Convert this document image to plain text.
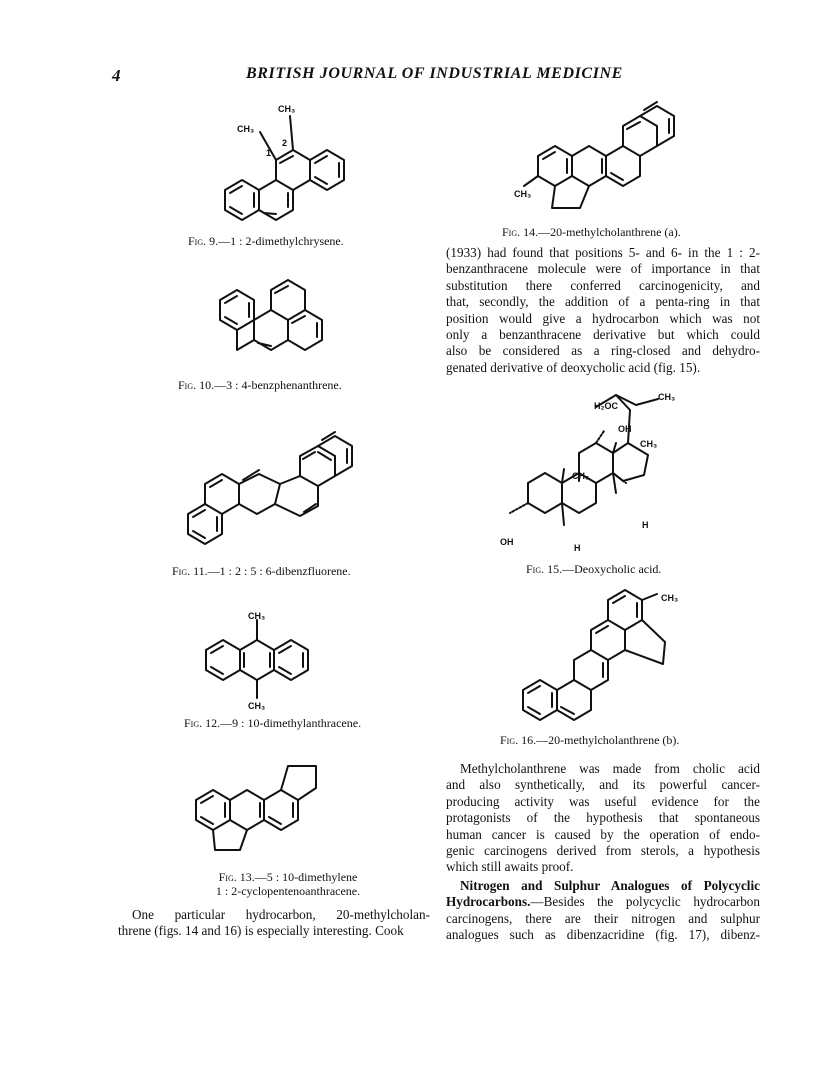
4	BRITISH JOURNAL OF INDUSTRIAL MEDICINE
CH₃
CH₃
1
2
Fig. 9.—1 : 2-dimethylchrysene.
Fig. 10.—3 : 4-benzphenanthrene.
Fig. 11.—1 : 2 : 5 : 6-dibenzfluorene.
CH₃
CH₃
Fig. 12.—9 : 10-dimethylanthracene.
Fig. 13.—5 : 10-dimethylene
1 : 2-cyclopentenoanthracene.
One particular hydrocarbon, 20-methylcholan-
threne (figs. 14 and 16) is especially interesting. Cook
CH₃
Fig. 14.—20-methylcholanthrene (a).
(1933) had found that positions 5- and 6- in the 1 : 2-
benzanthracene molecule were of importance in that
substitution there conferred carcinogenicity, and
that, secondly, the addition of a penta-ring in that
position would give a hydrocarbon which was not
only a benzanthracene derivative but which could
also be considered as a ring-closed and dehydro-
genated derivative of deoxycholic acid (fig. 15).
H₂OC
CH₃
OH
CH₃
CH₃
H
OH
H
Fig. 15.—Deoxycholic acid.
CH₃
Fig. 16.—20-methylcholanthrene (b).
Methylcholanthrene was made from cholic acid
and also synthetically, and its powerful cancer-
producing activity was useful evidence for the
protagonists of the hypothesis that spontaneous
human cancer is caused by the operation of endo-
genic carcinogens derived from sterols, a hypothesis
which still awaits proof.
Nitrogen and Sulphur Analogues of Polycyclic
Hydrocarbons.—Besides the polycyclic hydrocarbon
carcinogens, there are their nitrogen and sulphur
analogues such as dibenzacridine (fig. 17), dibenz-
